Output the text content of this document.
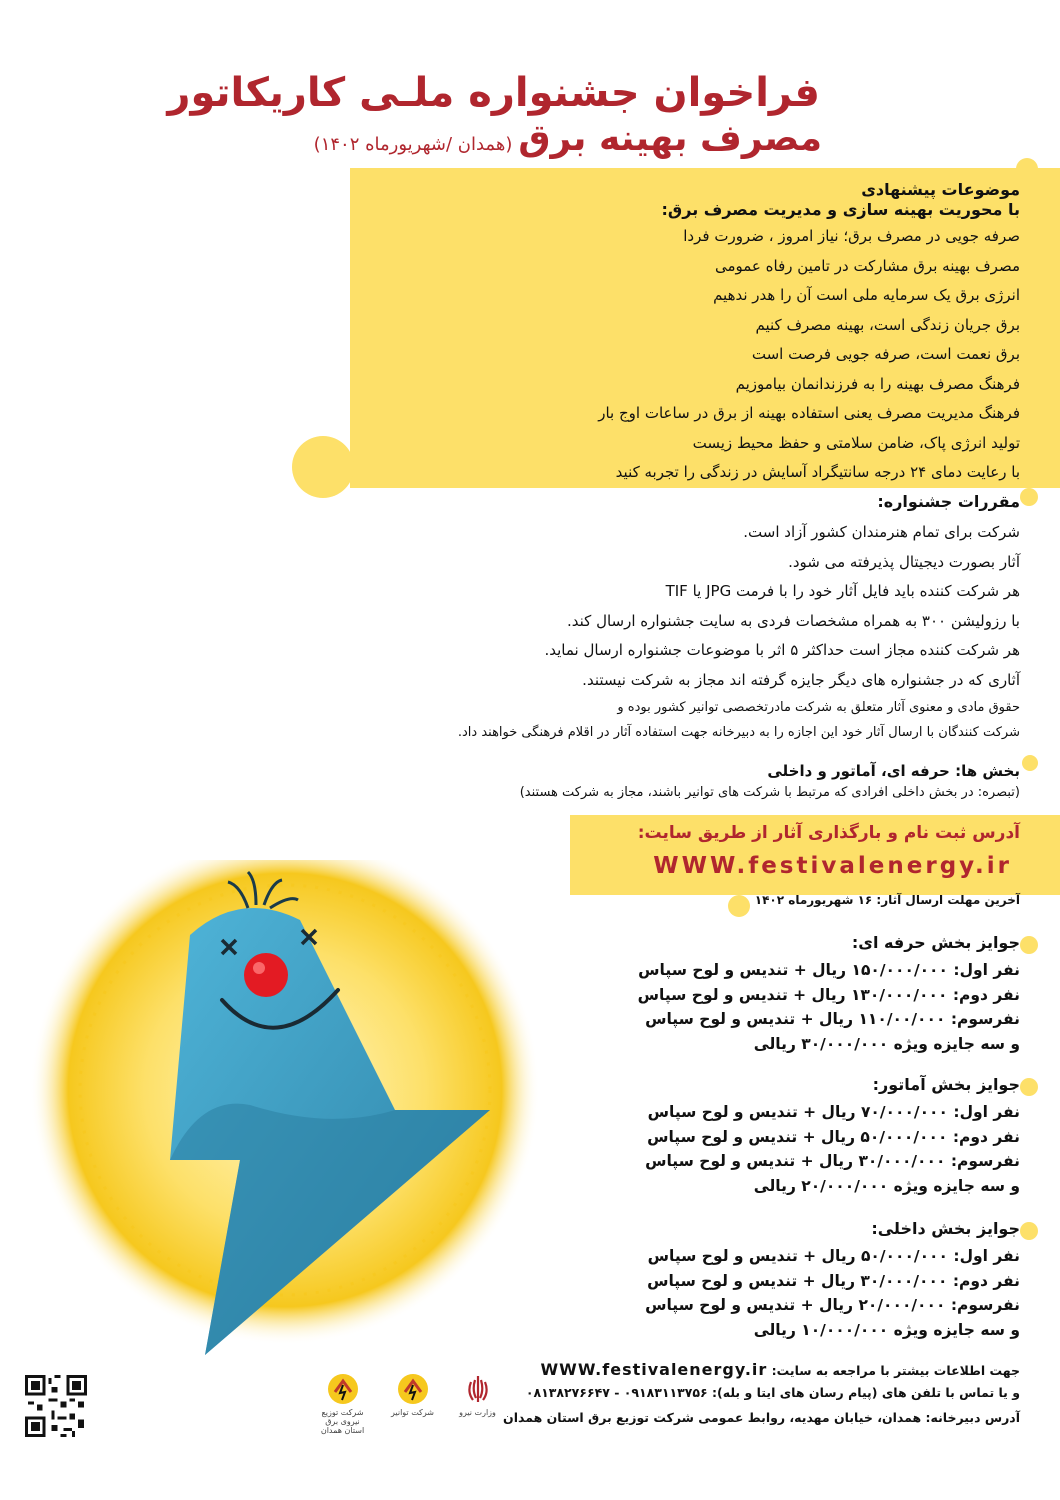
فراخوان جشنواره ملـی کاریکاتور
مصرف بهینه برق(همدان /شهریورماه ۱۴۰۲)
موضوعات پیشنهادی
با محوریت بهینه سازی و مدیریت مصرف برق:
صرفه جویی در مصرف برق؛ نیاز امروز ، ضرورت فردا
مصرف بهینه برق مشارکت در تامین رفاه عمومی
انرژی برق یک سرمایه ملی است آن را هدر ندهیم
برق جریان زندگی است، بهینه مصرف کنیم
برق نعمت است، صرفه جویی فرصت است
فرهنگ مصرف بهینه را به فرزندانمان بیاموزیم
فرهنگ مدیریت مصرف یعنی استفاده بهینه از برق در ساعات اوج بار
تولید انرژی پاک، ضامن سلامتی و حفظ محیط زیست
با رعایت دمای ۲۴ درجه سانتیگراد آسایش در زندگی را تجربه کنید
مقررات جشنواره:
شرکت برای تمام هنرمندان کشور آزاد است.
آثار بصورت دیجیتال پذیرفته می شود.
هر شرکت کننده باید فایل آثار خود را با فرمت JPG یا TIF
با رزولیشن ۳۰۰ به همراه مشخصات فردی به سایت جشنواره ارسال کند.
هر شرکت کننده مجاز است حداکثر ۵ اثر با موضوعات جشنواره ارسال نماید.
آثاری که در جشنواره های دیگر جایزه گرفته اند مجاز به شرکت نیستند.
حقوق مادی و معنوی آثار متعلق به شرکت مادرتخصصی توانیر کشور بوده و
شرکت کنندگان با ارسال آثار خود این اجازه را به دبیرخانه جهت استفاده آثار در اقلام فرهنگی خواهند داد.
بخش ها: حرفه ای، آماتور و داخلی
(تبصره: در بخش داخلی افرادی که مرتبط با شرکت های توانیر باشند، مجاز به شرکت هستند)
آدرس ثبت نام و بارگذاری آثار از طریق سایت:
WWW.festivalenergy.ir
آخرین مهلت ارسال آثار: ۱۶ شهریورماه ۱۴۰۲
جوایز بخش حرفه ای:
نفر اول: ۱۵۰/۰۰۰/۰۰۰ ریال + تندیس و لوح سپاس
نفر دوم: ۱۳۰/۰۰۰/۰۰۰ ریال + تندیس و لوح سپاس
نفرسوم: ۱۱۰/۰۰/۰۰۰ ریال + تندیس و لوح سپاس
و سه جایزه ویژه ۳۰/۰۰۰/۰۰۰ ریالی
جوایز بخش آماتور:
نفر اول: ۷۰/۰۰۰/۰۰۰ ریال + تندیس و لوح سپاس
نفر دوم: ۵۰/۰۰۰/۰۰۰ ریال + تندیس و لوح سپاس
نفرسوم: ۳۰/۰۰۰/۰۰۰ ریال + تندیس و لوح سپاس
و سه جایزه ویژه ۲۰/۰۰۰/۰۰۰ ریالی
جوایز بخش داخلی:
نفر اول: ۵۰/۰۰۰/۰۰۰ ریال + تندیس و لوح سپاس
نفر دوم: ۳۰/۰۰۰/۰۰۰ ریال + تندیس و لوح سپاس
نفرسوم: ۲۰/۰۰۰/۰۰۰ ریال + تندیس و لوح سپاس
و سه جایزه ویژه ۱۰/۰۰۰/۰۰۰ ریالی
جهت اطلاعات بیشتر با مراجعه به سایت: WWW.festivalenergy.ir
و یا تماس با تلفن های (پیام رسان های ایتا و بله): ۰۹۱۸۳۱۱۳۷۵۶ - ۰۸۱۳۸۲۷۶۶۴۷
آدرس دبیرخانه: همدان، خیابان مهدیه، روابط عمومی شرکت توزیع برق استان همدان
شرکت توزیع نیروی برق استان همدان
شرکت توانیر	وزارت نیرو
